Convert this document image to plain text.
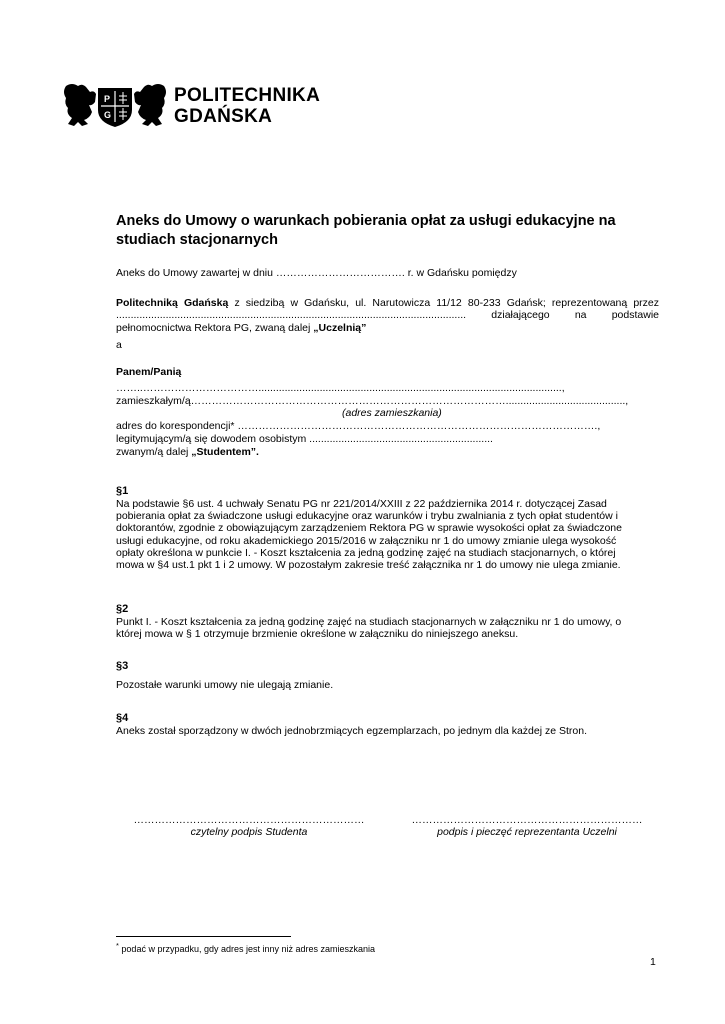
P
G
POLITECHNIKA
GDAŃSKA
Aneks do Umowy o warunkach pobierania opłat za usługi edukacyjne na studiach stacjonarnych
Aneks do Umowy zawartej w dniu ………………………………. r. w Gdańsku pomiędzy
Politechniką Gdańską z siedzibą w Gdańsku, ul. Narutowicza 11/12 80-233 Gdańsk; reprezentowaną przez
........................................................................................................................ działającego na podstawie
pełnomocnictwa Rektora PG, zwaną dalej „Uczelnią”
a
Panem/Panią
……..……………………………........................................................................................................,
zamieszkałym/ą……………………………………………………………………………….........................................,
(adres zamieszkania)
adres do korespondencji* ………………………………………………………………………………………….,
legitymującym/ą się dowodem osobistym ...............................................................
zwanym/ą dalej „Studentem”.
§1
Na podstawie §6 ust. 4 uchwały Senatu PG nr 221/2014/XXIII z 22 października 2014 r. dotyczącej Zasad
pobierania opłat za świadczone usługi edukacyjne oraz warunków i trybu zwalniania z tych opłat studentów i
doktorantów, zgodnie z obowiązującym zarządzeniem Rektora PG w sprawie wysokości opłat za świadczone
usługi edukacyjne, od roku akademickiego 2015/2016 w załączniku nr 1 do umowy zmianie ulega wysokość
opłaty określona w punkcie I. - Koszt kształcenia za jedną godzinę zajęć na studiach stacjonarnych, o której
mowa w §4 ust.1 pkt 1 i 2 umowy. W pozostałym zakresie treść załącznika nr 1 do umowy nie ulega zmianie.
§2
Punkt I. - Koszt kształcenia za jedną godzinę zajęć na studiach stacjonarnych w załączniku nr 1 do umowy, o
której mowa w § 1 otrzymuje brzmienie określone w załączniku do niniejszego aneksu.
§3
Pozostałe warunki umowy nie ulegają zmianie.
§4
Aneks został sporządzony w dwóch jednobrzmiących egzemplarzach, po jednym dla każdej ze Stron.
…………………………………………………………
czytelny podpis Studenta
…………………………………………………………
podpis i pieczęć reprezentanta Uczelni
* podać w przypadku, gdy adres jest inny niż adres zamieszkania
1
